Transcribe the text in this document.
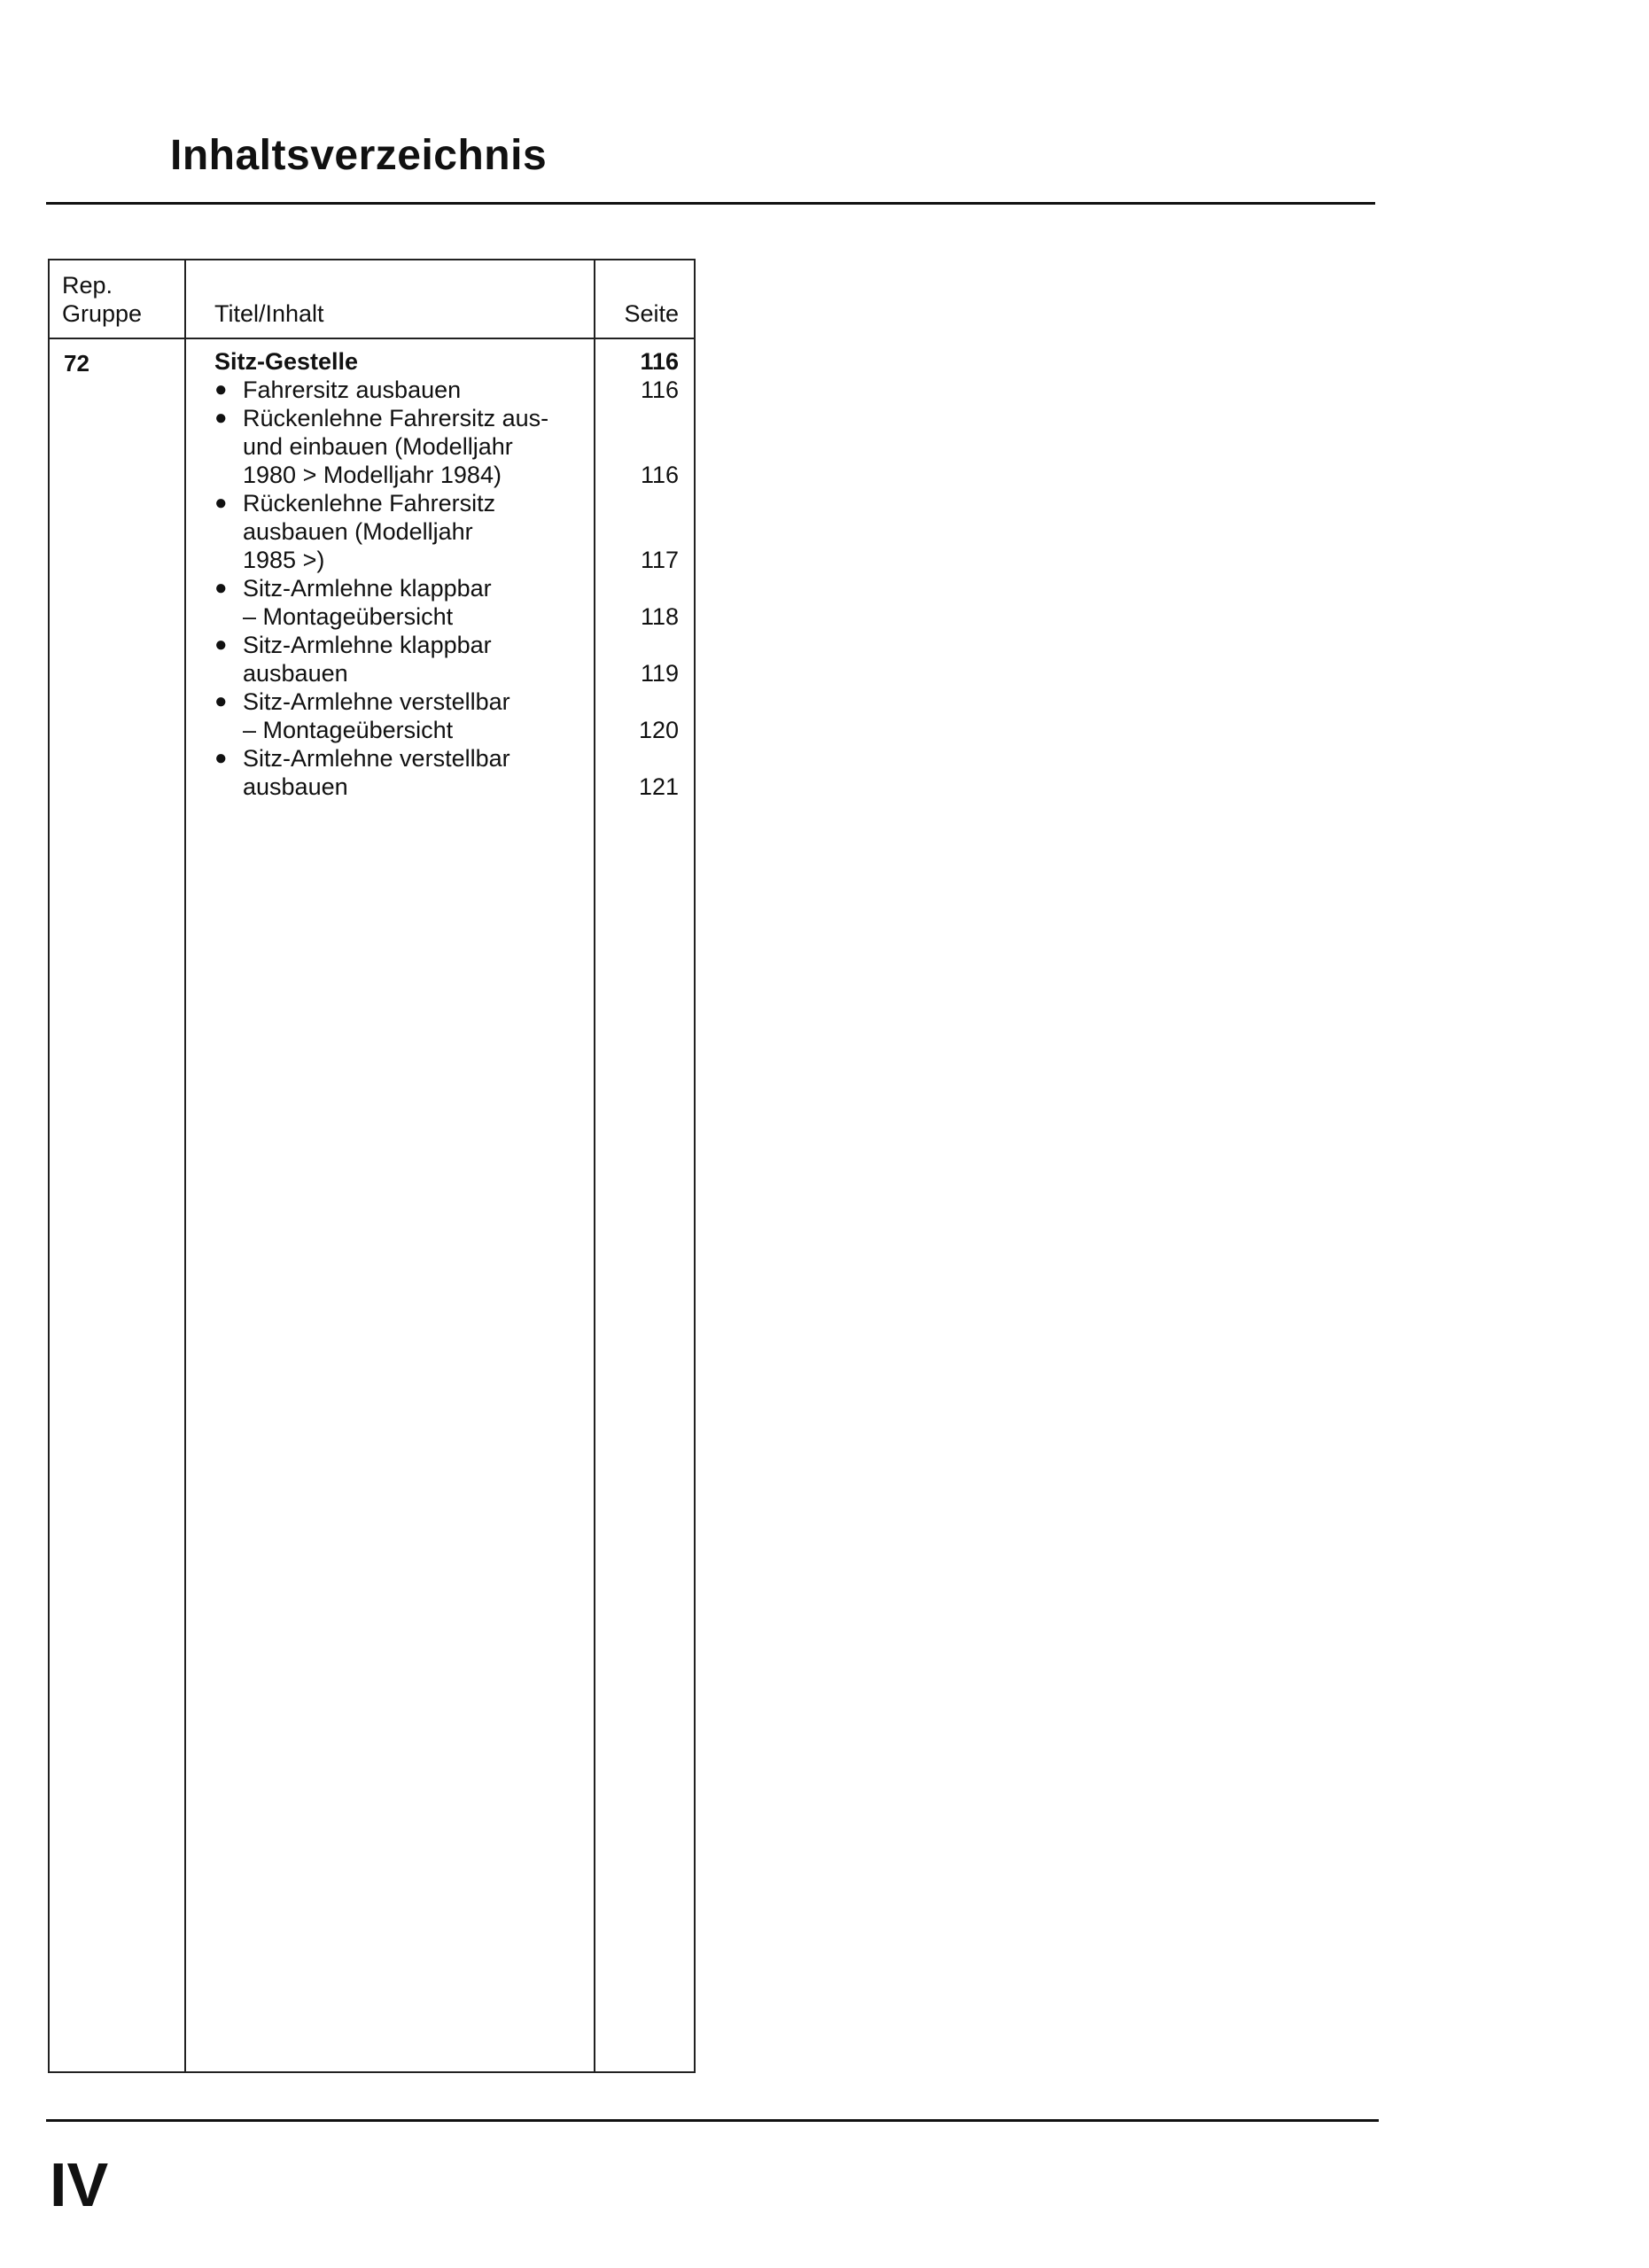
Inhaltsverzeichnis
Rep.
Gruppe	Titel/Inhalt	Seite
72	Sitz-Gestelle	116
● Fahrersitz ausbauen	116
● Rückenlehne Fahrersitz aus-
und einbauen (Modelljahr
1980 > Modelljahr 1984)	116
● Rückenlehne Fahrersitz
ausbauen (Modelljahr
1985 >)	117
● Sitz-Armlehne klappbar
– Montageübersicht	118
● Sitz-Armlehne klappbar
ausbauen	119
● Sitz-Armlehne verstellbar
– Montageübersicht	120
● Sitz-Armlehne verstellbar
ausbauen	121
IV
